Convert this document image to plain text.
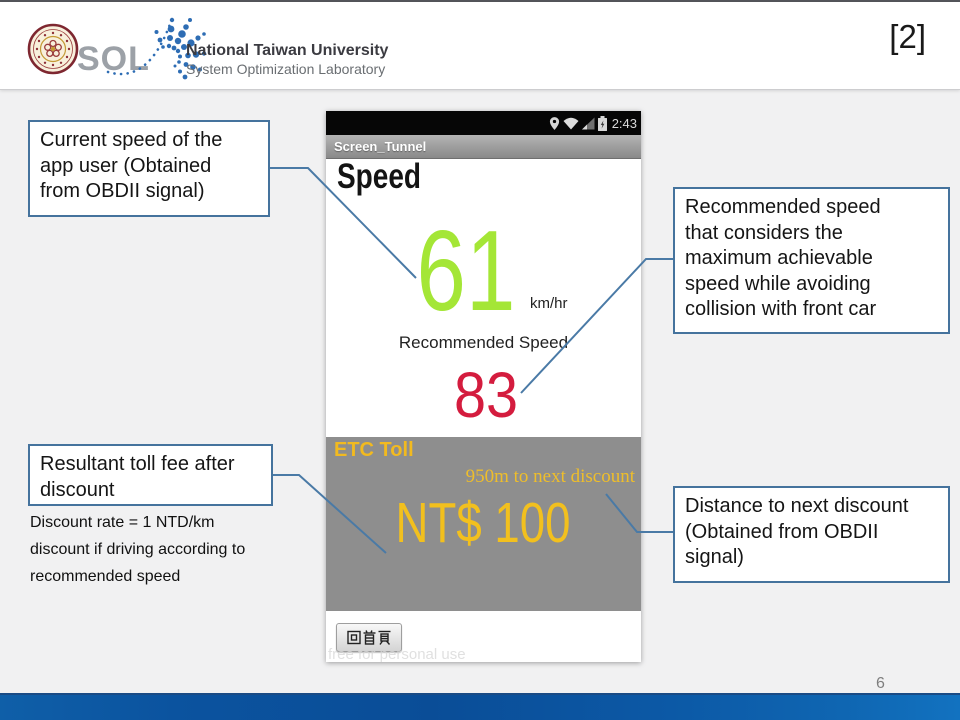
SOL National Taiwan University
System Optimization Laboratory
[2]
2:43
Screen_Tunnel
Speed
61 km/hr
Recommended Speed
83
ETC Toll
950m to next discount
NT$ 100
free for personal use
Current speed of the app user (Obtained from OBDII signal)
Recommended speed that considers the maximum achievable speed while avoiding collision with front car
Resultant toll fee after discount
Discount rate = 1 NTD/km discount if driving according to recommended speed
Distance to next discount (Obtained from OBDII signal)
6
